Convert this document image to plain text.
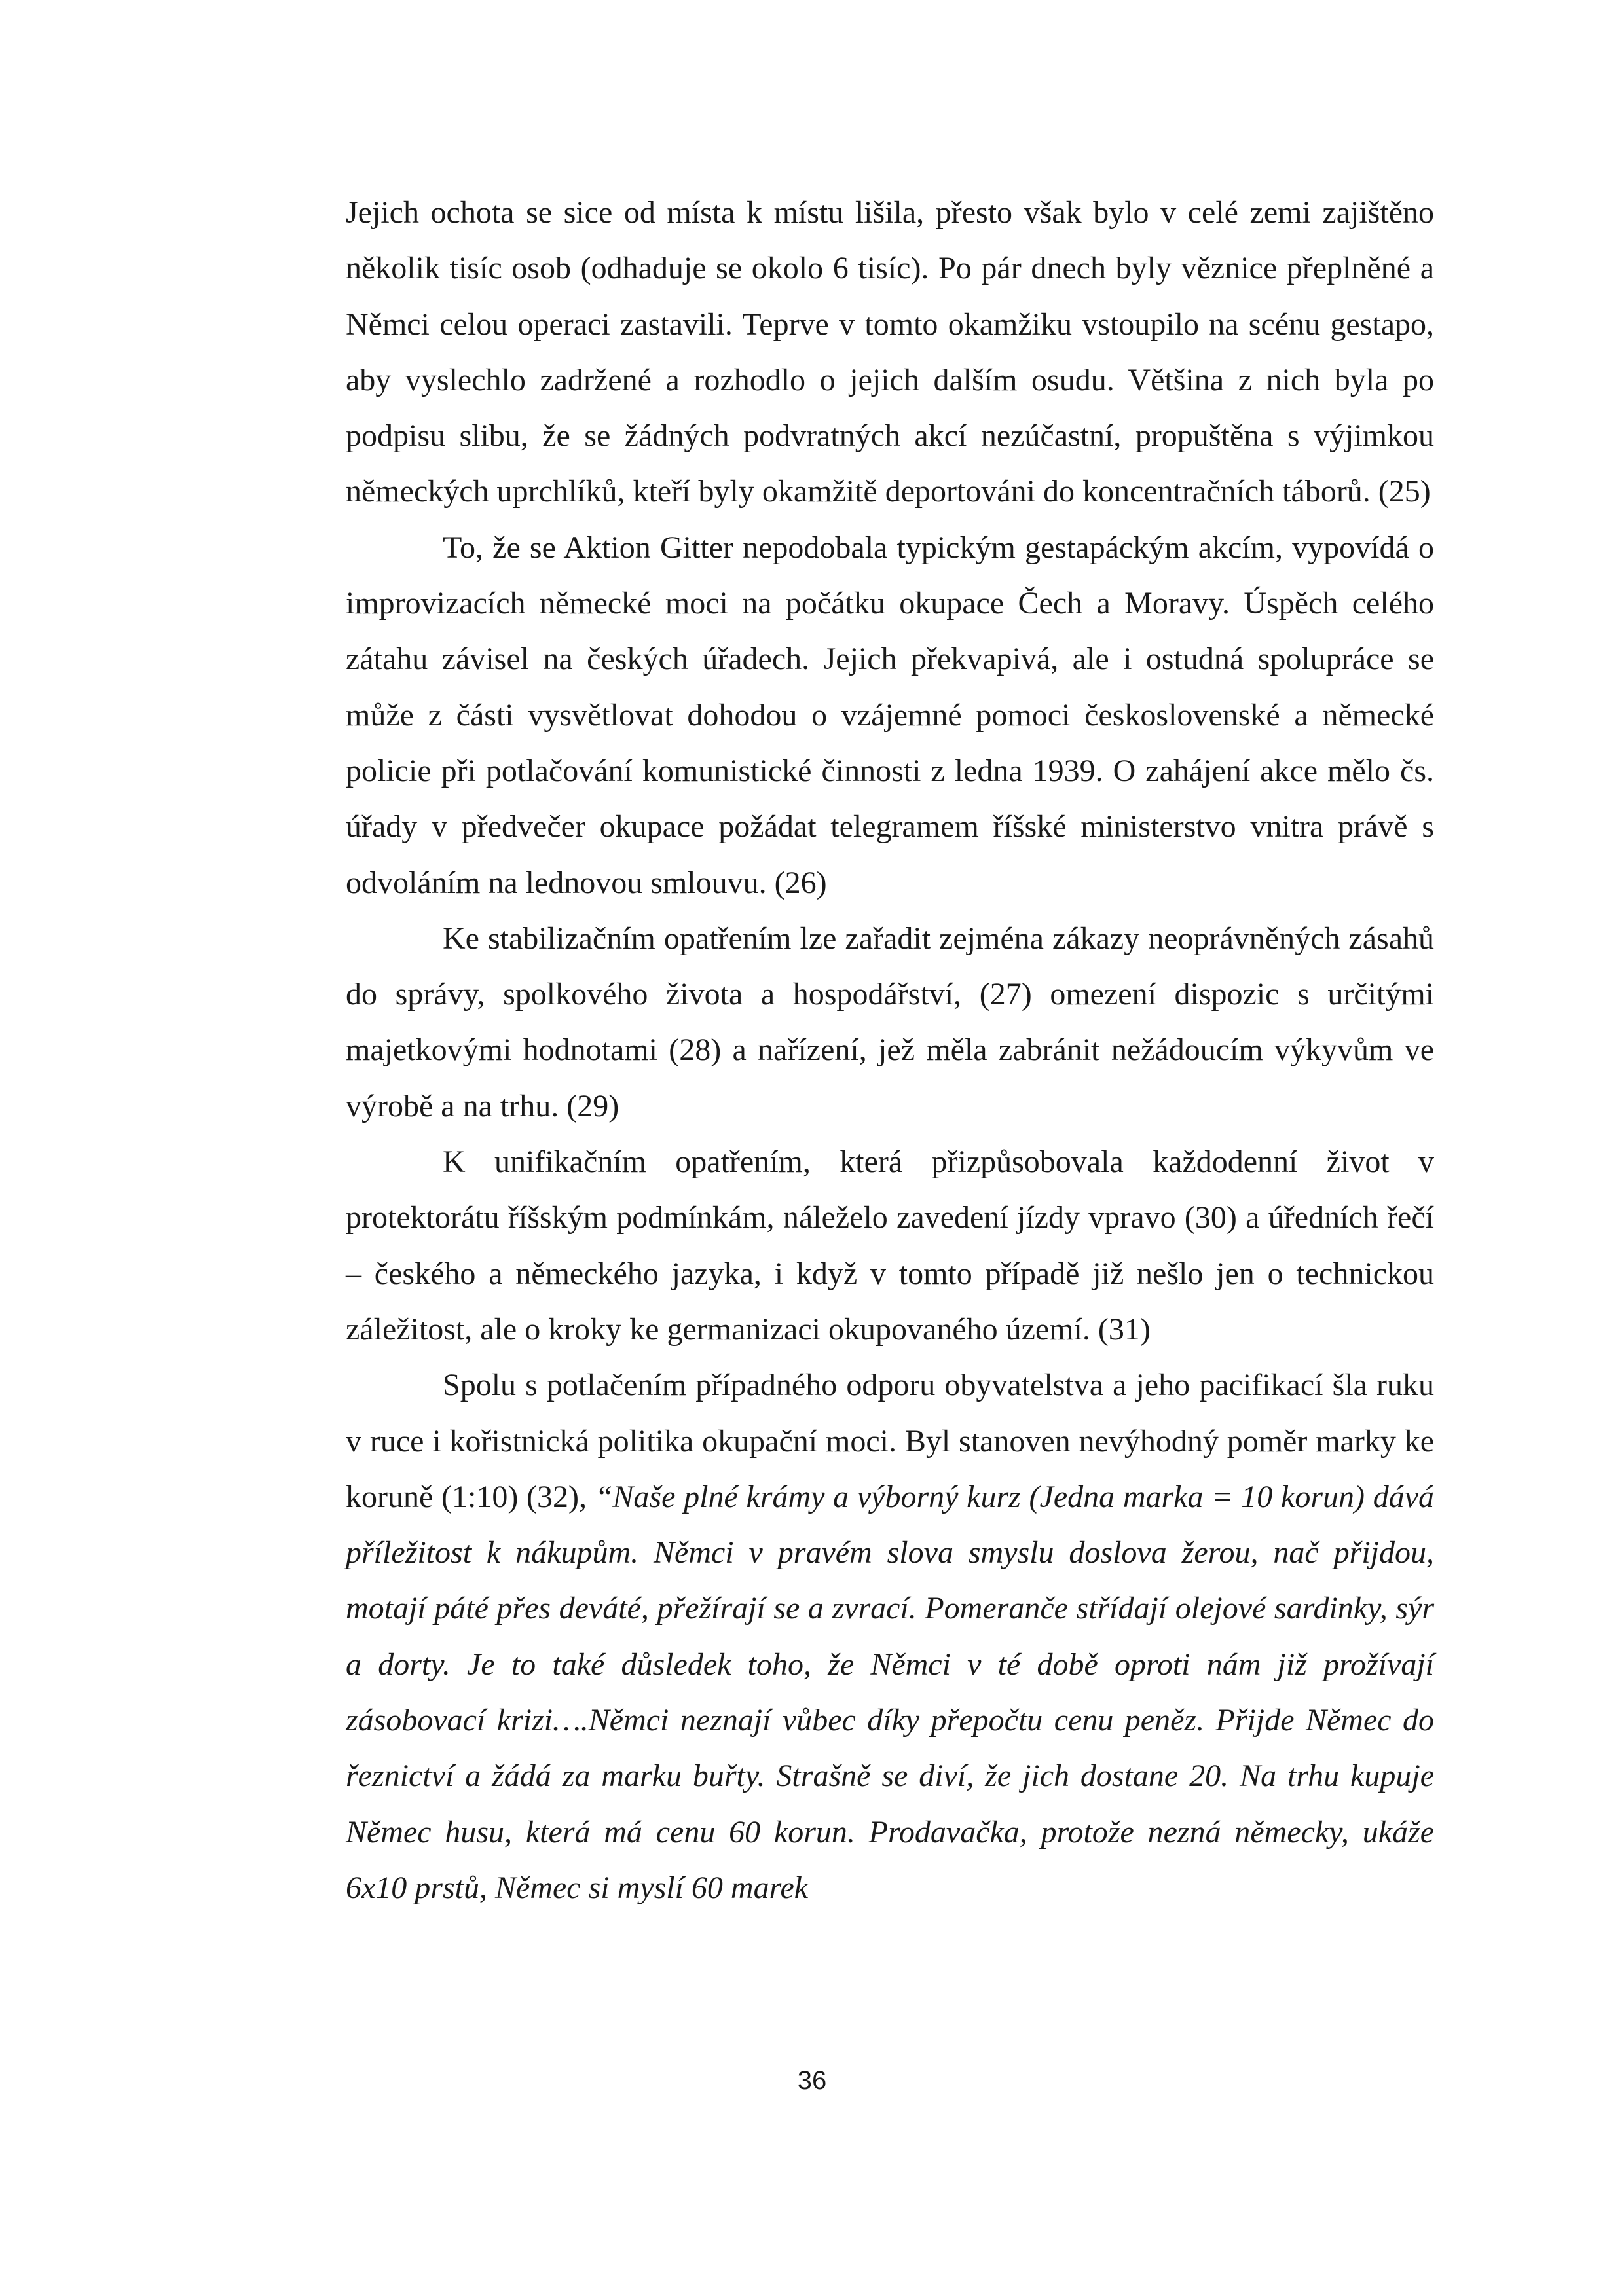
Jejich ochota se sice od místa k místu lišila, přesto však bylo v celé zemi zajištěno několik tisíc osob (odhaduje se okolo 6 tisíc). Po pár dnech byly věznice přeplněné a Němci celou operaci zastavili. Teprve v tomto okamžiku vstoupilo na scénu gestapo, aby vyslechlo zadržené a rozhodlo o jejich dalším osudu. Většina z nich byla po podpisu slibu, že se žádných podvratných akcí nezúčastní, propuštěna s výjimkou německých uprchlíků, kteří byly okamžitě deportováni do koncentračních táborů. (25)

To, že se Aktion Gitter nepodobala typickým gestapáckým akcím, vypovídá o improvizacích německé moci na počátku okupace Čech a Moravy. Úspěch celého zátahu závisel na českých úřadech. Jejich překvapivá, ale i ostudná spolupráce se může z části vysvětlovat dohodou o vzájemné pomoci československé a německé policie při potlačování komunistické činnosti z ledna 1939. O zahájení akce mělo čs. úřady v předvečer okupace požádat telegramem říšské ministerstvo vnitra právě s odvoláním na lednovou smlouvu. (26)

Ke stabilizačním opatřením lze zařadit zejména zákazy neoprávněných zásahů do správy, spolkového života a hospodářství, (27) omezení dispozic s určitými majetkovými hodnotami (28) a nařízení, jež měla zabránit nežádoucím výkyvům ve výrobě a na trhu. (29)

K unifikačním opatřením, která přizpůsobovala každodenní život v protektorátu říšským podmínkám, náleželo zavedení jízdy vpravo (30) a úředních řečí – českého a německého jazyka, i když v tomto případě již nešlo jen o technickou záležitost, ale o kroky ke germanizaci okupovaného území. (31)

Spolu s potlačením případného odporu obyvatelstva a jeho pacifikací šla ruku v ruce i kořistnická politika okupační moci. Byl stanoven nevýhodný poměr marky ke koruně (1:10) (32), “Naše plné krámy a výborný kurz (Jedna marka = 10 korun) dává příležitost k nákupům. Němci v pravém slova smyslu doslova žerou, nač přijdou, motají páté přes deváté, přežírají se a zvrací. Pomeranče střídají olejové sardinky, sýr a dorty. Je to také důsledek toho, že Němci v té době oproti nám již prožívají zásobovací krizi….Němci neznají vůbec díky přepočtu cenu peněz. Přijde Němec do řeznictví a žádá za marku buřty. Strašně se diví, že jich dostane 20. Na trhu kupuje Němec husu, která má cenu 60 korun. Prodavačka, protože nezná německy, ukáže 6x10 prstů, Němec si myslí 60 marek

36
